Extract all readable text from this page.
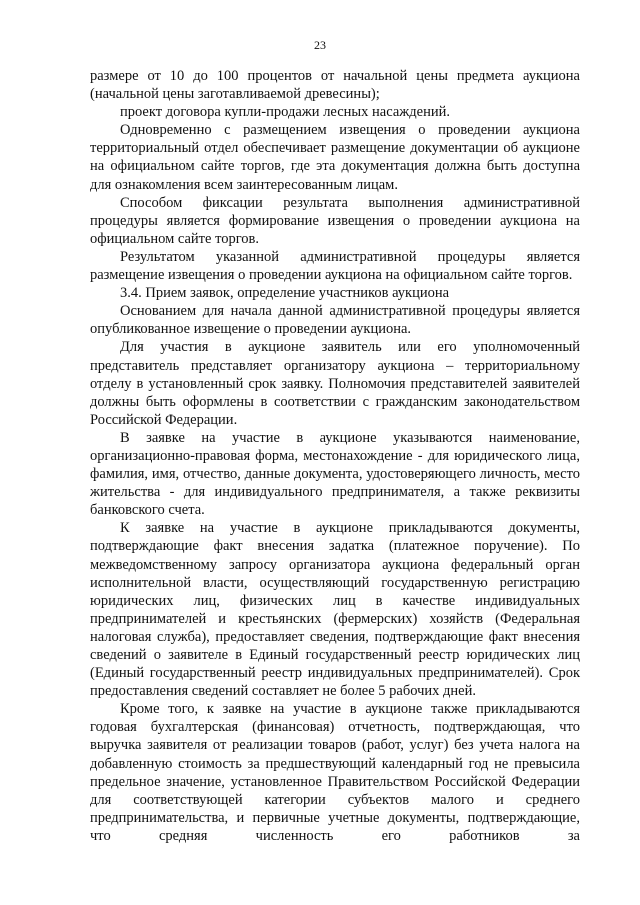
23

размере от 10 до 100 процентов от начальной цены предмета аукциона (начальной цены заготавливаемой древесины);

проект договора купли-продажи лесных насаждений.

Одновременно с размещением извещения о проведении аукциона территориальный отдел обеспечивает размещение документации об аукционе на официальном сайте торгов, где эта документация должна быть доступна для ознакомления всем заинтересованным лицам.

Способом фиксации результата выполнения административной процедуры является формирование извещения о проведении аукциона на официальном сайте торгов.

Результатом указанной административной процедуры является размещение извещения о проведении аукциона на официальном сайте торгов.

3.4. Прием заявок, определение участников аукциона

Основанием для начала данной административной процедуры является опубликованное извещение о проведении аукциона.

Для участия в аукционе заявитель или его уполномоченный представитель представляет организатору аукциона – территориальному отделу в установленный срок заявку. Полномочия представителей заявителей должны быть оформлены в соответствии с гражданским законодательством Российской Федерации.

В заявке на участие в аукционе указываются наименование, организационно-правовая форма, местонахождение - для юридического лица, фамилия, имя, отчество, данные документа, удостоверяющего личность, место жительства - для индивидуального предпринимателя, а также реквизиты банковского счета.

К заявке на участие в аукционе прикладываются документы, подтверждающие факт внесения задатка (платежное поручение). По межведомственному запросу организатора аукциона федеральный орган исполнительной власти, осуществляющий государственную регистрацию юридических лиц, физических лиц в качестве индивидуальных предпринимателей и крестьянских (фермерских) хозяйств (Федеральная налоговая служба), предоставляет сведения, подтверждающие факт внесения сведений о заявителе в Единый государственный реестр юридических лиц (Единый государственный реестр индивидуальных предпринимателей). Срок предоставления сведений составляет не более 5 рабочих дней.

Кроме того, к заявке на участие в аукционе также прикладываются годовая бухгалтерская (финансовая) отчетность, подтверждающая, что выручка заявителя от реализации товаров (работ, услуг) без учета налога на добавленную стоимость за предшествующий календарный год не превысила предельное значение, установленное Правительством Российской Федерации для соответствующей категории субъектов малого и среднего предпринимательства, и первичные учетные документы, подтверждающие, что средняя численность его работников за
